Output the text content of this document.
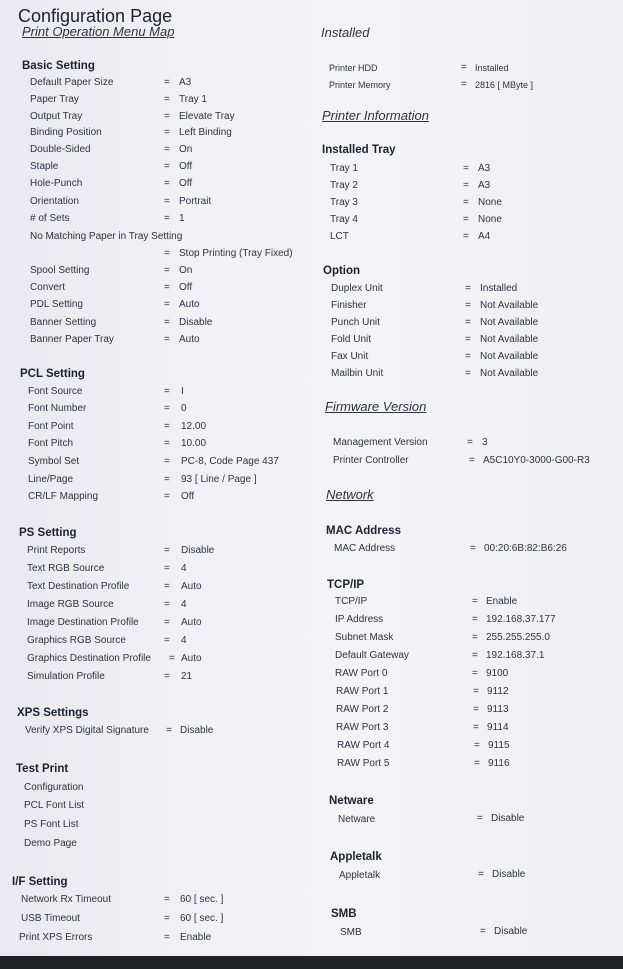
Configuration Page
Print Operation Menu Map
Basic Setting
Default Paper Size	= A3
Paper Tray	= Tray 1
Output Tray	= Elevate Tray
Binding Position	= Left Binding
Double-Sided	= On
Staple	= Off
Hole-Punch	= Off
Orientation	= Portrait
# of Sets	= 1
No Matching Paper in Tray Setting
= Stop Printing (Tray Fixed)
Spool Setting	= On
Convert	= Off
PDL Setting	= Auto
Banner Setting	= Disable
Banner Paper Tray	= Auto
PCL Setting
Font Source	= I
Font Number	= 0
Font Point	= 12.00
Font Pitch	= 10.00
Symbol Set	= PC-8, Code Page 437
Line/Page	= 93 [ Line / Page ]
CR/LF Mapping	= Off
PS Setting
Print Reports	= Disable
Text RGB Source	= 4
Text Destination Profile	= Auto
Image RGB Source	= 4
Image Destination Profile	= Auto
Graphics RGB Source	= 4
Graphics Destination Profile = Auto
Simulation Profile	= 21
XPS Settings
Verify XPS Digital Signature = Disable
Test Print
Configuration
PCL Font List
PS Font List
Demo Page
I/F Setting
Network Rx Timeout	= 60 [ sec. ]
USB Timeout	= 60 [ sec. ]
Print XPS Errors	= Enable
Installed
Printer HDD	= Installed
Printer Memory	= 2816 [ MByte ]
Printer Information
Installed Tray
Tray 1	= A3
Tray 2	= A3
Tray 3	= None
Tray 4	= None
LCT	= A4
Option
Duplex Unit	= Installed
Finisher	= Not Available
Punch Unit	= Not Available
Fold Unit	= Not Available
Fax Unit	= Not Available
Mailbin Unit	= Not Available
Firmware Version
Management Version	= 3
Printer Controller	= A5C10Y0-3000-G00-R3
Network
MAC Address
MAC Address	= 00:20:6B:82:B6:26
TCP/IP
TCP/IP	= Enable
IP Address	= 192.168.37.177
Subnet Mask	= 255.255.255.0
Default Gateway	= 192.168.37.1
RAW Port 0	= 9100
RAW Port 1	= 9112
RAW Port 2	= 9113
RAW Port 3	= 9114
RAW Port 4	= 9115
RAW Port 5	= 9116
Netware
Netware	= Disable
Appletalk
Appletalk	= Disable
SMB
SMB	= Disable
